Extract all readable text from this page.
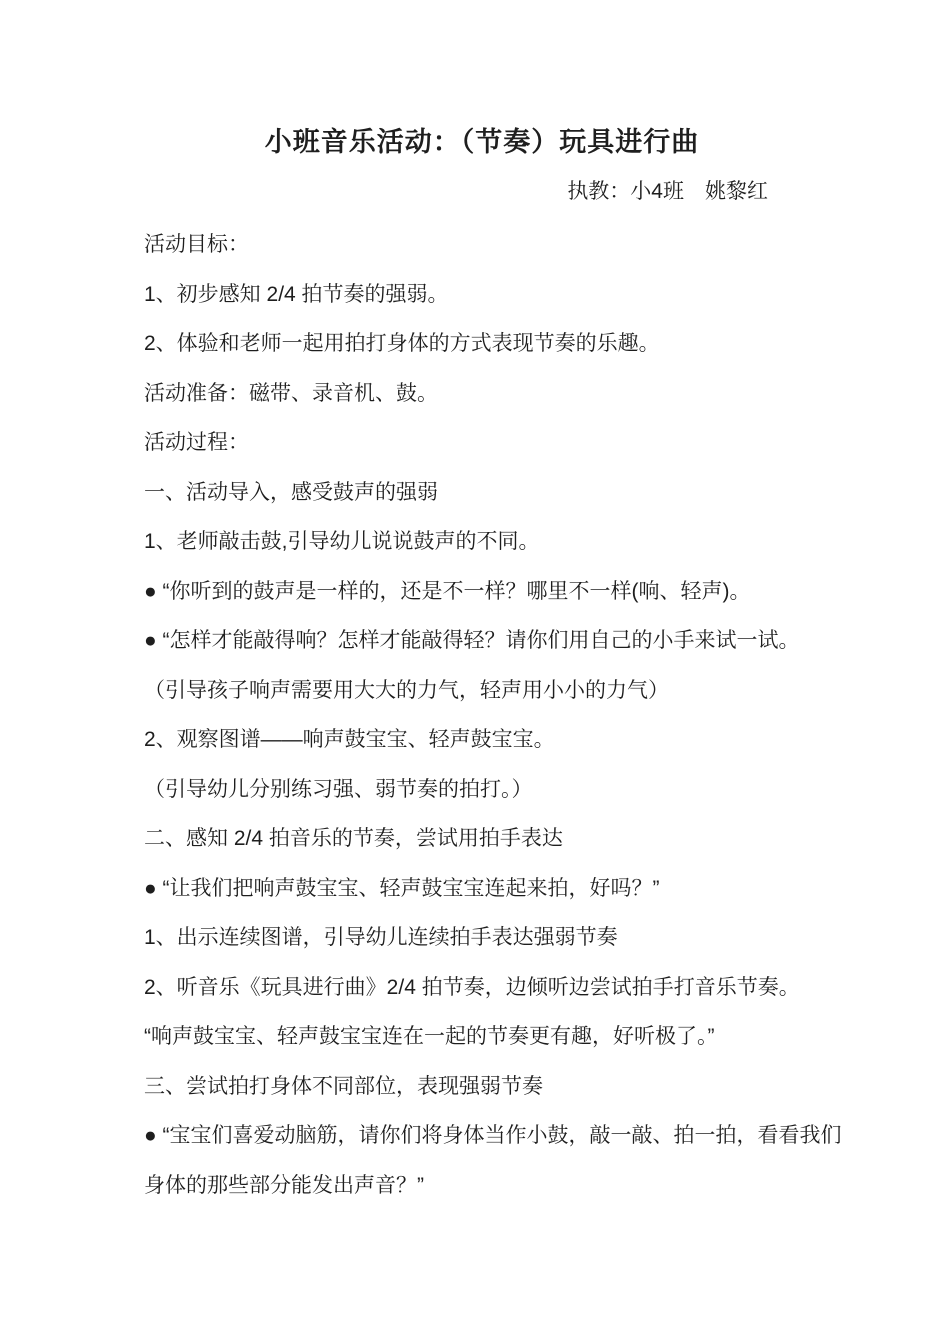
小班音乐活动：（节奏）玩具进行曲
执教：小4班　姚黎红
活动目标：
1、初步感知 2/4 拍节奏的强弱。
2、体验和老师一起用拍打身体的方式表现节奏的乐趣。
活动准备：磁带、录音机、鼓。
活动过程：
一、活动导入，感受鼓声的强弱
1、老师敲击鼓,引导幼儿说说鼓声的不同。
● “你听到的鼓声是一样的，还是不一样？哪里不一样(响、轻声)。
● “怎样才能敲得响？怎样才能敲得轻？请你们用自己的小手来试一试。
（引导孩子响声需要用大大的力气，轻声用小小的力气）
2、观察图谱——响声鼓宝宝、轻声鼓宝宝。
（引导幼儿分别练习强、弱节奏的拍打。）
二、感知 2/4 拍音乐的节奏，尝试用拍手表达
● “让我们把响声鼓宝宝、轻声鼓宝宝连起来拍，好吗？”
1、出示连续图谱，引导幼儿连续拍手表达强弱节奏
2、听音乐《玩具进行曲》2/4 拍节奏，边倾听边尝试拍手打音乐节奏。
“响声鼓宝宝、轻声鼓宝宝连在一起的节奏更有趣，好听极了。”
三、尝试拍打身体不同部位，表现强弱节奏
● “宝宝们喜爱动脑筋，请你们将身体当作小鼓，敲一敲、拍一拍，看看我们
身体的那些部分能发出声音？”
